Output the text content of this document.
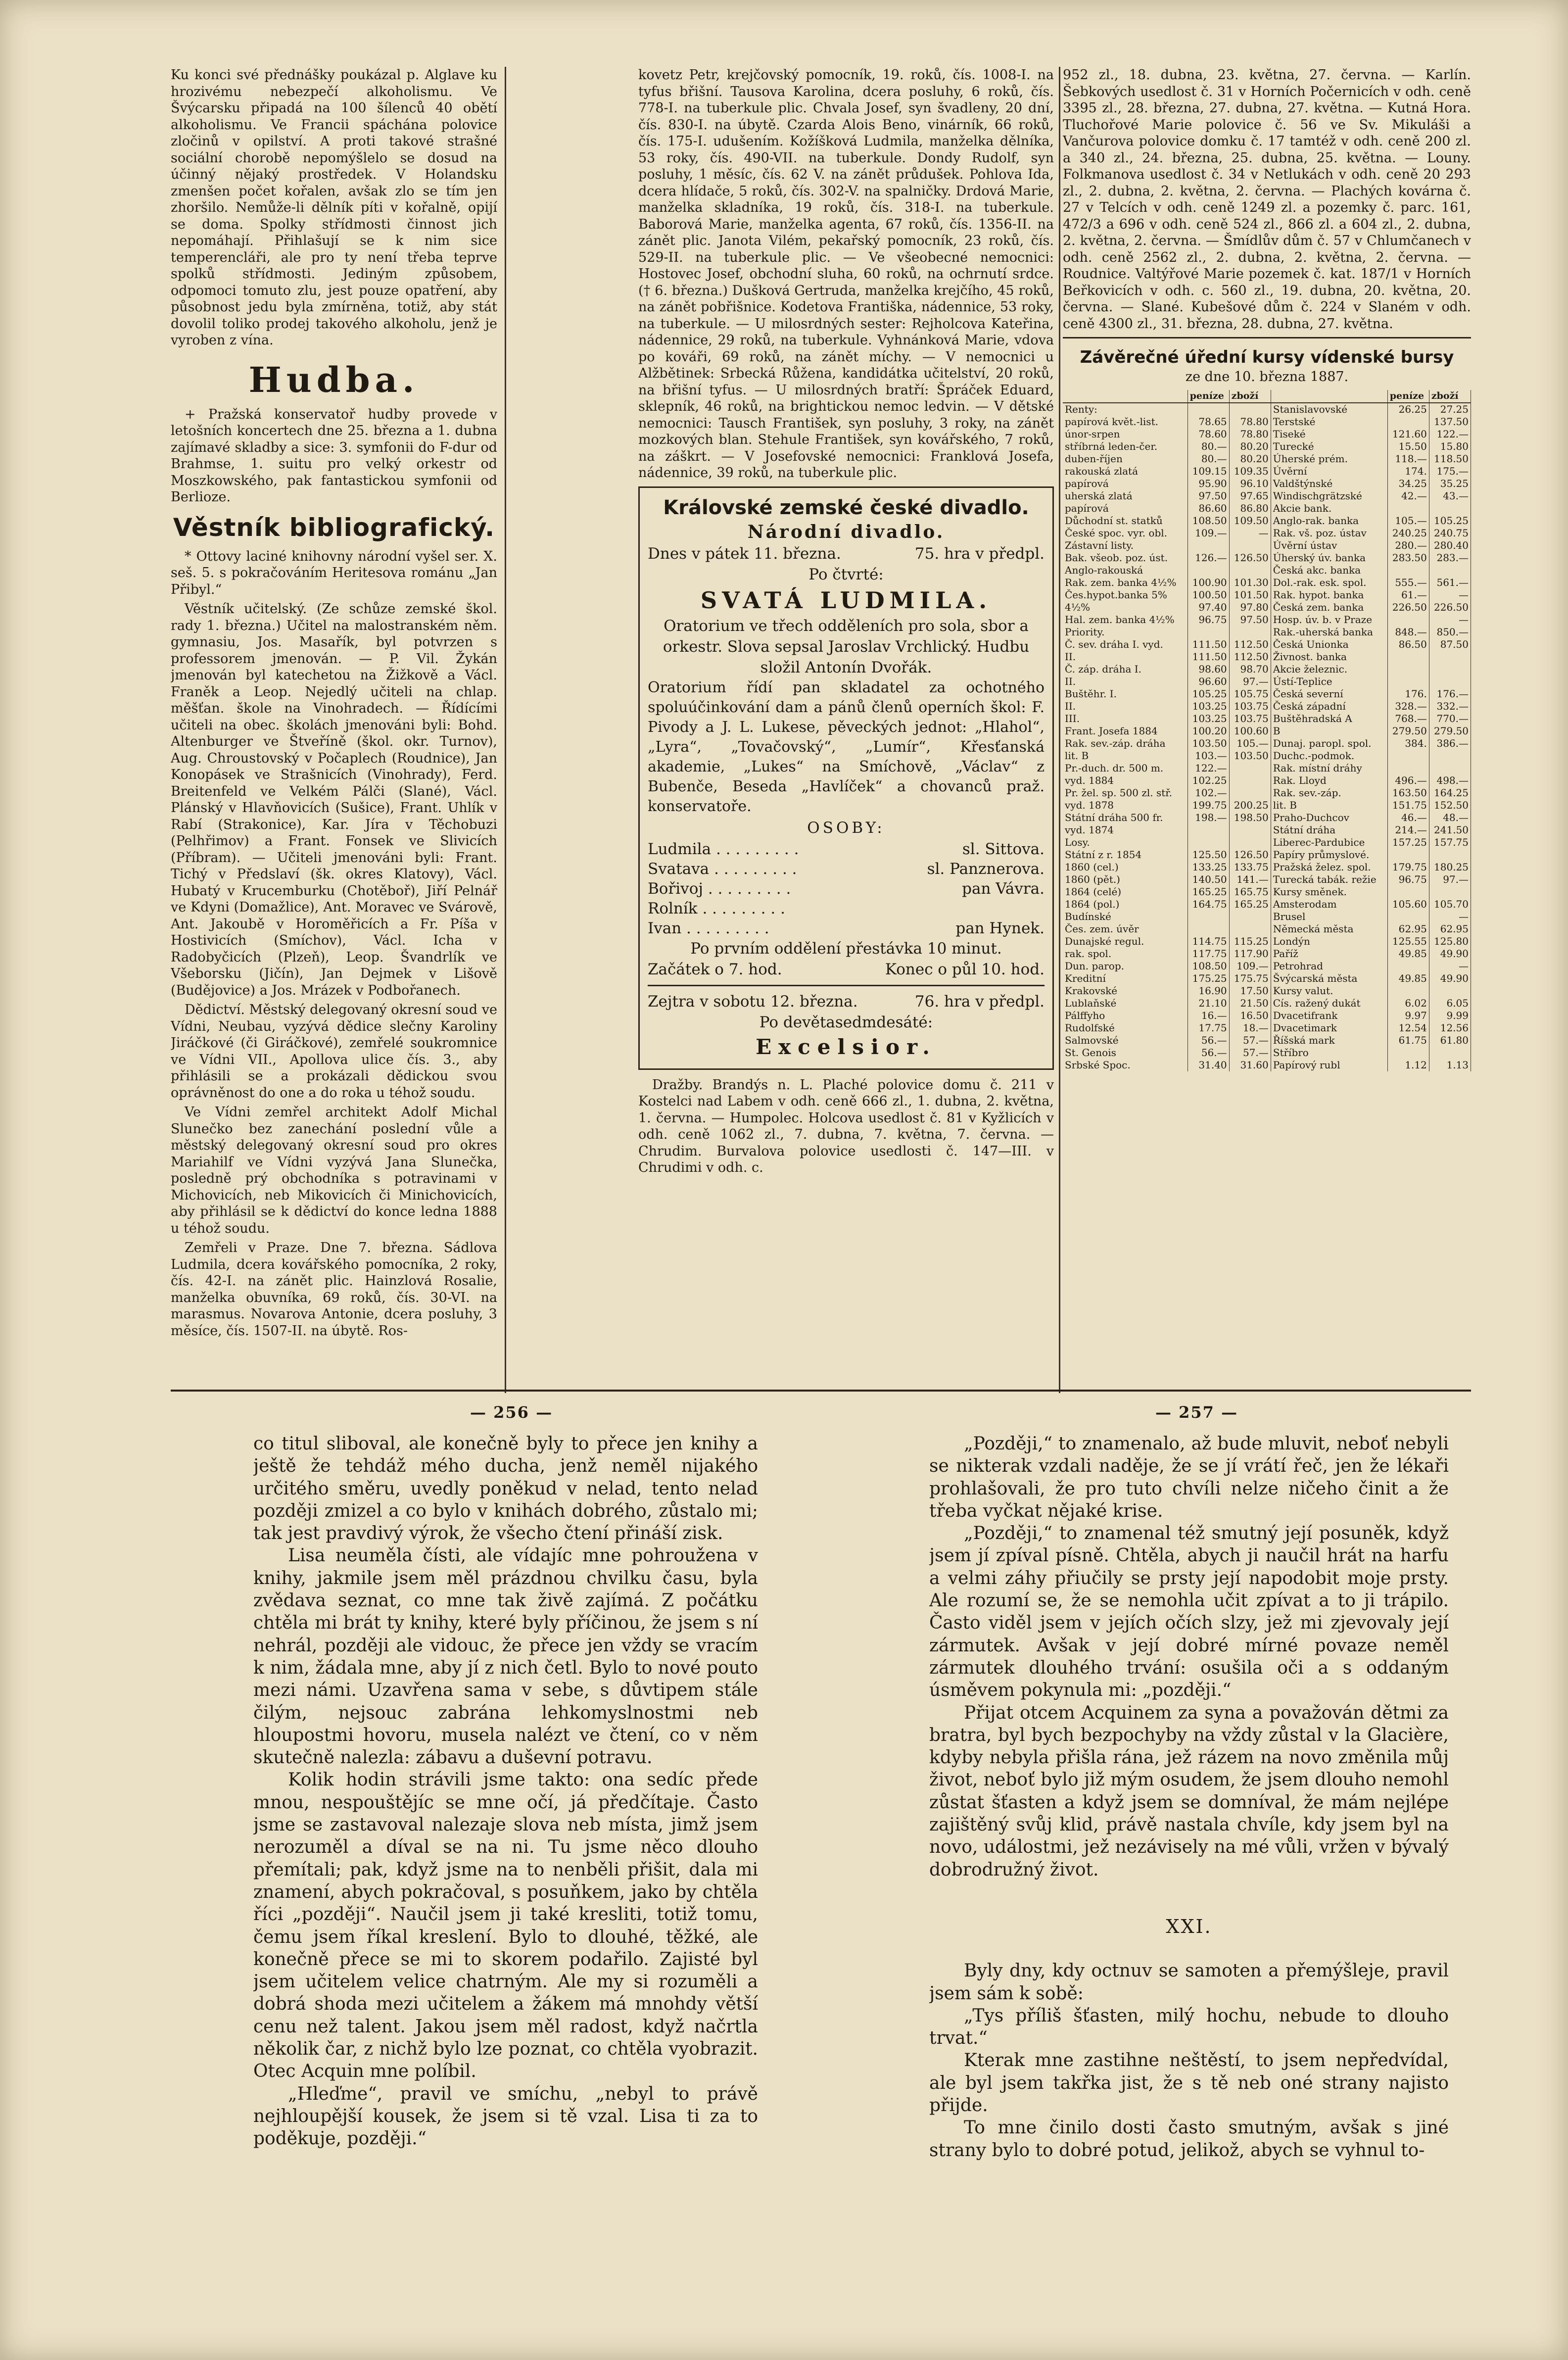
Ku konci své přednášky poukázal p. Alglave ku hrozivému nebezpečí alkoholismu. Ve Švýcarsku připadá na 100 šílenců 40 obětí alkoholismu. Ve Francii spáchána polovice zločinů v opilství. A proti takové strašné sociální chorobě nepomýšlelo se dosud na účinný nějaký prostředek. V Holandsku zmenšen počet kořalen, avšak zlo se tím jen zhoršilo. Nemůže-li dělník píti v kořalně, opijí se doma. Spolky střídmosti činnost jich nepomáhají. Přihlašují se k nim sice temperencláři, ale pro ty není třeba teprve spolků střídmosti. Jediným způsobem, odpomoci tomuto zlu, jest pouze opatření, aby působnost jedu byla zmírněna, totiž, aby stát dovolil toliko prodej takového alkoholu, jenž je vyroben z vína.

Hudba.

+ Pražská konservatoř hudby provede v letošních koncertech dne 25. března a 1. dubna zajímavé skladby a sice: 3. symfonii do F-dur od Brahmse, 1. suitu pro velký orkestr od Moszkowského, pak fantastickou symfonii od Berlioze.

Věstník bibliografický.

* Ottovy laciné knihovny národní vyšel ser. X. seš. 5. s pokračováním Heritesova románu „Jan Přibyl.“

Věstník učitelský. (Ze schůze zemské škol. rady 1. března.) Učitel na malostranském něm. gymnasiu, Jos. Masařík, byl potvrzen s professorem jmenován. — P. Vil. Žykán jmenován byl katechetou na Žižkově a Václ. Franěk a Leop. Nejedlý učiteli na chlap. měšťan. škole na Vinohradech. — Řídícími učiteli na obec. školách jmenováni byli: Bohd. Altenburger ve Štveříně (škol. okr. Turnov), Aug. Chroustovský v Počaplech (Roudnice), Jan Konopásek ve Strašnicích (Vinohrady), Ferd. Breitenfeld ve Velkém Pálči (Slané), Václ. Plánský v Hlavňovicích (Sušice), Frant. Uhlík v Rabí (Strakonice), Kar. Jíra v Těchobuzi (Pelhřimov) a Frant. Fonsek ve Slivicích (Příbram). — Učiteli jmenováni byli: Frant. Tichý v Předslaví (šk. okres Klatovy), Václ. Hubatý v Krucemburku (Chotěboř), Jiří Pelnář ve Kdyni (Domažlice), Ant. Moravec ve Svárově, Ant. Jakoubě v Horoměřicích a Fr. Píša v Hostivicích (Smíchov), Václ. Icha v Radobyčicích (Plzeň), Leop. Švandrlík ve Všeborsku (Jičín), Jan Dejmek v Lišově (Budějovice) a Jos. Mrázek v Podbořanech.

Dědictví. Městský delegovaný okresní soud ve Vídni, Neubau, vyzývá dědice slečny Karoliny Jiráčkové (či Giráčkové), zemřelé soukromnice ve Vídni VII., Apollova ulice čís. 3., aby přihlásili se a prokázali dědickou svou oprávněnost do one a do roka u téhož soudu.

Ve Vídni zemřel architekt Adolf Michal Slunečko bez zanechání poslední vůle a městský delegovaný okresní soud pro okres Mariahilf ve Vídni vyzývá Jana Slunečka, posledně prý obchodníka s potravinami v Michovicích, neb Mikovicích či Minichovicích, aby přihlásil se k dědictví do konce ledna 1888 u téhož soudu.

Zemřeli v Praze. Dne 7. března. Sádlova Ludmila, dcera kovářského pomocníka, 2 roky, čís. 42-I. na zánět plic. Hainzlová Rosalie, manželka obuvníka, 69 roků, čís. 30-VI. na marasmus. Novarova Antonie, dcera posluhy, 3 měsíce, čís. 1507-II. na úbytě. Ros-

kovetz Petr, krejčovský pomocník, 19. roků, čís. 1008-I. na tyfus břišní. Tausova Karolina, dcera posluhy, 6 roků, čís. 778-I. na tuberkule plic. Chvala Josef, syn švadleny, 20 dní, čís. 830-I. na úbytě. Czarda Alois Beno, vinárník, 66 roků, čís. 175-I. udušením. Kožíšková Ludmila, manželka dělníka, 53 roky, čís. 490-VII. na tuberkule. Dondy Rudolf, syn posluhy, 1 měsíc, čís. 62 V. na zánět průdušek. Pohlova Ida, dcera hlídače, 5 roků, čís. 302-V. na spalničky. Drdová Marie, manželka skladníka, 19 roků, čís. 318-I. na tuberkule. Baborová Marie, manželka agenta, 67 roků, čís. 1356-II. na zánět plic. Janota Vilém, pekařský pomocník, 23 roků, čís. 529-II. na tuberkule plic. — Ve všeobecné nemocnici: Hostovec Josef, obchodní sluha, 60 roků, na ochrnutí srdce. († 6. března.) Dušková Gertruda, manželka krejčího, 45 roků, na zánět pobřišnice. Kodetova Františka, nádennice, 53 roky, na tuberkule. — U milosrdných sester: Rejholcova Kateřina, nádennice, 29 roků, na tuberkule. Vyhnánková Marie, vdova po kováři, 69 roků, na zánět míchy. — V nemocnici u Alžbětinek: Srbecká Růžena, kandidátka učitelství, 20 roků, na břišní tyfus. — U milosrdných bratří: Špráček Eduard, sklepník, 46 roků, na brightickou nemoc ledvin. — V dětské nemocnici: Tausch František, syn posluhy, 3 roky, na zánět mozkových blan. Stehule František, syn kovářského, 7 roků, na záškrt. — V Josefovské nemocnici: Franklová Josefa, nádennice, 39 roků, na tuberkule plic.

Královské zemské české divadlo.
Národní divadlo.
Dnes v pátek 11. března.	75. hra v předpl.
Po čtvrté:
SVATÁ LUDMILA.
Oratorium ve třech odděleních pro sola, sbor a orkestr. Slova sepsal Jaroslav Vrchlický. Hudbu složil Antonín Dvořák.
Oratorium řídí pan skladatel za ochotného spoluúčinkování dam a pánů členů operních škol: F. Pivody a J. L. Lukese, pěveckých jednot: „Hlahol“, „Lyra“, „Tovačovský“, „Lumír“, Křesťanská akademie, „Lukes“ na Smíchově, „Václav“ z Bubenče, Beseda „Havlíček“ a chovanců praž. konservatoře.
OSOBY:
Ludmila . . . . . . . . .	sl. Sittova.
Svatava . . . . . . . . .	sl. Panznerova.
Bořivoj . . . . . . . . .	pan Vávra.
Rolník . . . . . . . . .
Ivan . . . . . . . . .	pan Hynek.
Po prvním oddělení přestávka 10 minut.
Začátek o 7. hod.	Konec o půl 10. hod.
Zejtra v sobotu 12. března.	76. hra v předpl.
Po devětasedmdesáté:
Excelsior.

Dražby. Brandýs n. L. Plaché polovice domu č. 211 v Kostelci nad Labem v odh. ceně 666 zl., 1. dubna, 2. května, 1. června. — Humpolec. Holcova usedlost č. 81 v Kyžlicích v odh. ceně 1062 zl., 7. dubna, 7. května, 7. června. — Chrudim. Burvalova polovice usedlosti č. 147—III. v Chrudimi v odh. c.

952 zl., 18. dubna, 23. května, 27. června. — Karlín. Šebkových usedlost č. 31 v Horních Počernicích v odh. ceně 3395 zl., 28. března, 27. dubna, 27. května. — Kutná Hora. Tluchořové Marie polovice č. 56 ve Sv. Mikuláši a Vančurova polovice domku č. 17 tamtéž v odh. ceně 200 zl. a 340 zl., 24. března, 25. dubna, 25. května. — Louny. Folkmanova usedlost č. 34 v Netlukách v odh. ceně 20 293 zl., 2. dubna, 2. května, 2. června. — Plachých kovárna č. 27 v Telcích v odh. ceně 1249 zl. a pozemky č. parc. 161, 472/3 a 696 v odh. ceně 524 zl., 866 zl. a 604 zl., 2. dubna, 2. května, 2. června. — Šmídlův dům č. 57 v Chlumčanech v odh. ceně 2562 zl., 2. dubna, 2. května, 2. června. — Roudnice. Valtýřové Marie pozemek č. kat. 187/1 v Horních Beřkovicích v odh. c. 560 zl., 19. dubna, 20. května, 20. června. — Slané. Kubešové dům č. 224 v Slaném v odh. ceně 4300 zl., 31. března, 28. dubna, 27. května.

Závěrečné úřední kursy vídenské bursy
ze dne 10. března 1887.
	peníze	zboží		peníze	zboží
Renty:			Stanislavovské	26.25	27.25
papírová květ.-list.	78.65	78.80	Terstské		137.50
únor-srpen	78.60	78.80	Tiseké	121.60	122.—
stříbrná leden-čer.	80.—	80.20	Turecké	15.50	15.80
duben-říjen	80.—	80.20	Úherské prém.	118.—	118.50
rakouská zlatá	109.15	109.35	Úvěrní	174.	175.—
papírová	95.90	96.10	Valdštýnské	34.25	35.25
uherská zlatá	97.50	97.65	Windischgrätzské	42.—	43.—
papírová	86.60	86.80	Akcie bank.		
Důchodní st. statků	108.50	109.50	Anglo-rak. banka	105.—	105.25
České spoc. vyr. obl.	109.—	—	Rak. vš. poz. ústav	240.25	240.75
Zástavní listy.			Úvěrní ústav	280.—	280.40
Bak. všeob. poz. úst.	126.—	126.50	Úherský úv. banka	283.50	283.—
Anglo-rakouská			Česká akc. banka		
Rak. zem. banka 4½%	100.90	101.30	Dol.-rak. esk. spol.	555.—	561.—
Čes.hypot.banka 5%	100.50	101.50	Rak. hypot. banka	61.—	—
4½%	97.40	97.80	Česká zem. banka	226.50	226.50
Hal. zem. banka 4½%	96.75	97.50	Hosp. úv. b. v Praze		—
Priority.			Rak.-uherská banka	848.—	850.—
Č. sev. dráha I. vyd.	111.50	112.50	Česká Unionka	86.50	87.50
II.	111.50	112.50	Živnost. banka		
Č. záp. dráha I.	98.60	98.70	Akcie železnic.		
II.	96.60	97.—	Ústí-Teplice		
Buštěhr. I.	105.25	105.75	Česká severní	176.	176.—
II.	103.25	103.75	Česká západní	328.—	332.—
III.	103.25	103.75	Buštěhradská A	768.—	770.—
Frant. Josefa 1884	100.20	100.60	B	279.50	279.50
Rak. sev.-záp. dráha	103.50	105.—	Dunaj. paropl. spol.	384.	386.—
lit. B	103.—	103.50	Duchc.-podmok.		
Pr.-duch. dr. 500 m.	122.—		Rak. místní dráhy		
vyd. 1884	102.25		Rak. Lloyd	496.—	498.—
Pr. žel. sp. 500 zl. stř.	102.—		Rak. sev.-záp.	163.50	164.25
vyd. 1878	199.75	200.25	lit. B	151.75	152.50
Státní dráha 500 fr.	198.—	198.50	Praho-Duchcov	46.—	48.—
vyd. 1874			Státní dráha	214.—	241.50
Losy.			Liberec-Pardubice	157.25	157.75
Státní z r. 1854	125.50	126.50	Papíry průmyslové.		
1860 (cel.)	133.25	133.75	Pražská želez. spol.	179.75	180.25
1860 (pět.)	140.50	141.—	Turecká tabák. režie	96.75	97.—
1864 (celé)	165.25	165.75	Kursy směnek.		
1864 (pol.)	164.75	165.25	Amsterodam	105.60	105.70
Budínské			Brusel		—
Čes. zem. úvěr			Německá města	62.95	62.95
Dunajské regul.	114.75	115.25	Londýn	125.55	125.80
rak. spol.	117.75	117.90	Paříž	49.85	49.90
Dun. parop.	108.50	109.—	Petrohrad		—
Kreditní	175.25	175.75	Švýcarská města	49.85	49.90
Krakovské	16.90	17.50	Kursy valut.		
Lublaňské	21.10	21.50	Cís. ražený dukát	6.02	6.05
Pálffyho	16.—	16.50	Dvacetifrank	9.97	9.99
Rudolfské	17.75	18.—	Dvacetimark	12.54	12.56
Salmovské	56.—	57.—	Říšská mark	61.75	61.80
St. Genois	56.—	57.—	Stříbro		
Srbské Spoc.	31.40	31.60	Papírový rubl	1.12	1.13
— 256 —	— 257 —

co titul sliboval, ale konečně byly to přece jen knihy a ještě že tehdáž mého ducha, jenž neměl nijakého určitého směru, uvedly poněkud v nelad, tento nelad později zmizel a co bylo v knihách dobrého, zůstalo mi; tak jest pravdivý výrok, že všecho čtení přináší zisk.

Lisa neuměla čísti, ale vídajíc mne pohroužena v knihy, jakmile jsem měl prázdnou chvilku času, byla zvědava seznat, co mne tak živě zajímá. Z počátku chtěla mi brát ty knihy, které byly příčinou, že jsem s ní nehrál, později ale vidouc, že přece jen vždy se vracím k nim, žádala mne, aby jí z nich četl. Bylo to nové pouto mezi námi. Uzavřena sama v sebe, s důvtipem stále čilým, nejsouc zabrána lehkomyslnostmi neb hloupostmi hovoru, musela nalézt ve čtení, co v něm skutečně nalezla: zábavu a duševní potravu.

Kolik hodin strávili jsme takto: ona sedíc přede mnou, nespouštějíc se mne očí, já předčítaje. Často jsme se zastavoval nalezaje slova neb místa, jimž jsem nerozuměl a díval se na ni. Tu jsme něco dlouho přemítali; pak, když jsme na to nenběli přišit, dala mi znamení, abych pokračoval, s posuňkem, jako by chtěla říci „později“. Naučil jsem ji také kresliti, totiž tomu, čemu jsem říkal kreslení. Bylo to dlouhé, těžké, ale konečně přece se mi to skorem podařilo. Zajisté byl jsem učitelem velice chatrným. Ale my si rozuměli a dobrá shoda mezi učitelem a žákem má mnohdy větší cenu než talent. Jakou jsem měl radost, když načrtla několik čar, z nichž bylo lze poznat, co chtěla vyobrazit. Otec Acquin mne políbil.

„Hleďme“, pravil ve smíchu, „nebyl to právě nejhloupější kousek, že jsem si tě vzal. Lisa ti za to poděkuje, později.“

„Později,“ to znamenalo, až bude mluvit, neboť nebyli se nikterak vzdali naděje, že se jí vrátí řeč, jen že lékaři prohlašovali, že pro tuto chvíli nelze ničeho činit a že třeba vyčkat nějaké krise.

„Později,“ to znamenal též smutný její posuněk, když jsem jí zpíval písně. Chtěla, abych ji naučil hrát na harfu a velmi záhy přiučily se prsty její napodobit moje prsty. Ale rozumí se, že se nemohla učit zpívat a to ji trápilo. Často viděl jsem v jejích očích slzy, jež mi zjevovaly její zármutek. Avšak v její dobré mírné povaze neměl zármutek dlouhého trvání: osušila oči a s oddaným úsměvem pokynula mi: „později.“

Přijat otcem Acquinem za syna a považován dětmi za bratra, byl bych bezpochyby na vždy zůstal v la Glacière, kdyby nebyla přišla rána, jež rázem na novo změnila můj život, neboť bylo již mým osudem, že jsem dlouho nemohl zůstat šťasten a když jsem se domníval, že mám nejlépe zajištěný svůj klid, právě nastala chvíle, kdy jsem byl na novo, událostmi, jež nezávisely na mé vůli, vržen v bývalý dobrodružný život.

XXI.

Byly dny, kdy octnuv se samoten a přemýšleje, pravil jsem sám k sobě:

„Tys příliš šťasten, milý hochu, nebude to dlouho trvat.“

Kterak mne zastihne neštěstí, to jsem nepředvídal, ale byl jsem takřka jist, že s tě neb oné strany najisto přijde.

To mne činilo dosti často smutným, avšak s jiné strany bylo to dobré potud, jelikož, abych se vyhnul to-
